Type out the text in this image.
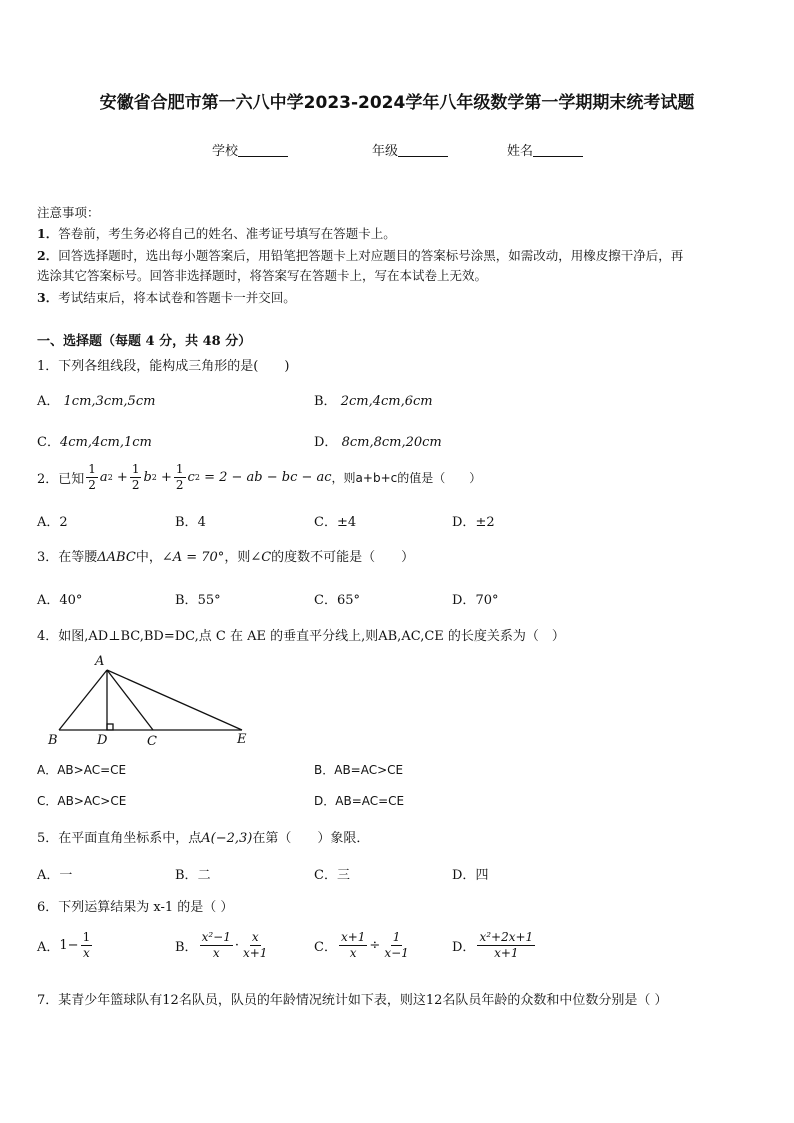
安徽省合肥市第一六八中学2023-2024学年八年级数学第一学期期末统考试题
学校	年级	姓名
注意事项：
1．答卷前，考生务必将自己的姓名、准考证号填写在答题卡上。
2．回答选择题时，选出每小题答案后，用铅笔把答题卡上对应题目的答案标号涂黑，如需改动，用橡皮擦干净后，再
选涂其它答案标号。回答非选择题时，将答案写在答题卡上，写在本试卷上无效。
3．考试结束后，将本试卷和答题卡一并交回。
一、选择题（每题 4 分，共 48 分）
1．下列各组线段，能构成三角形的是(　　)
A． 1cm,3cm,5cm	B． 2cm,4cm,6cm
C．4cm,4cm,1cm	D． 8cm,8cm,20cm
2．已知 $\frac{1}{2}$ a $2 + \frac{1}{2}$ b $2 + \frac{1}{2}$ c 2
= 2 − ab − bc − ac ，则a+b+c的值是（　　）
A．2	B．4	C．±4	D．±2
3．在等腰ΔABC中，∠A = 70°，则∠C的度数不可能是（　　）
A．40°	B．55°	C．65°	D．70°
4．如图,AD⊥BC,BD=DC,点 C 在 AE 的垂直平分线上,则AB,AC,CE 的长度关系为（　）
A
B	D	C	E
A．AB>AC=CE	B．AB=AC>CE
C．AB>AC>CE	D．AB=AC=CE
5．在平面直角坐标系中，点A(−2,3)在第（　　）象限．
A．一	B．二	C．三	D．四
6．下列运算结果为 x-1 的是（ ）
A． $1- \frac{1}{x}$	B． $\frac{\text{x²−1}}{x} \cdot \frac{x}{x+1}$	C． $\frac{x+1}{x} \div \frac{1}{x-1}$	D． $\frac{\text{x²+2x+1}}{x+1}$
7．某青少年篮球队有12名队员，队员的年龄情况统计如下表，则这12名队员年龄的众数和中位数分别是（ ）
